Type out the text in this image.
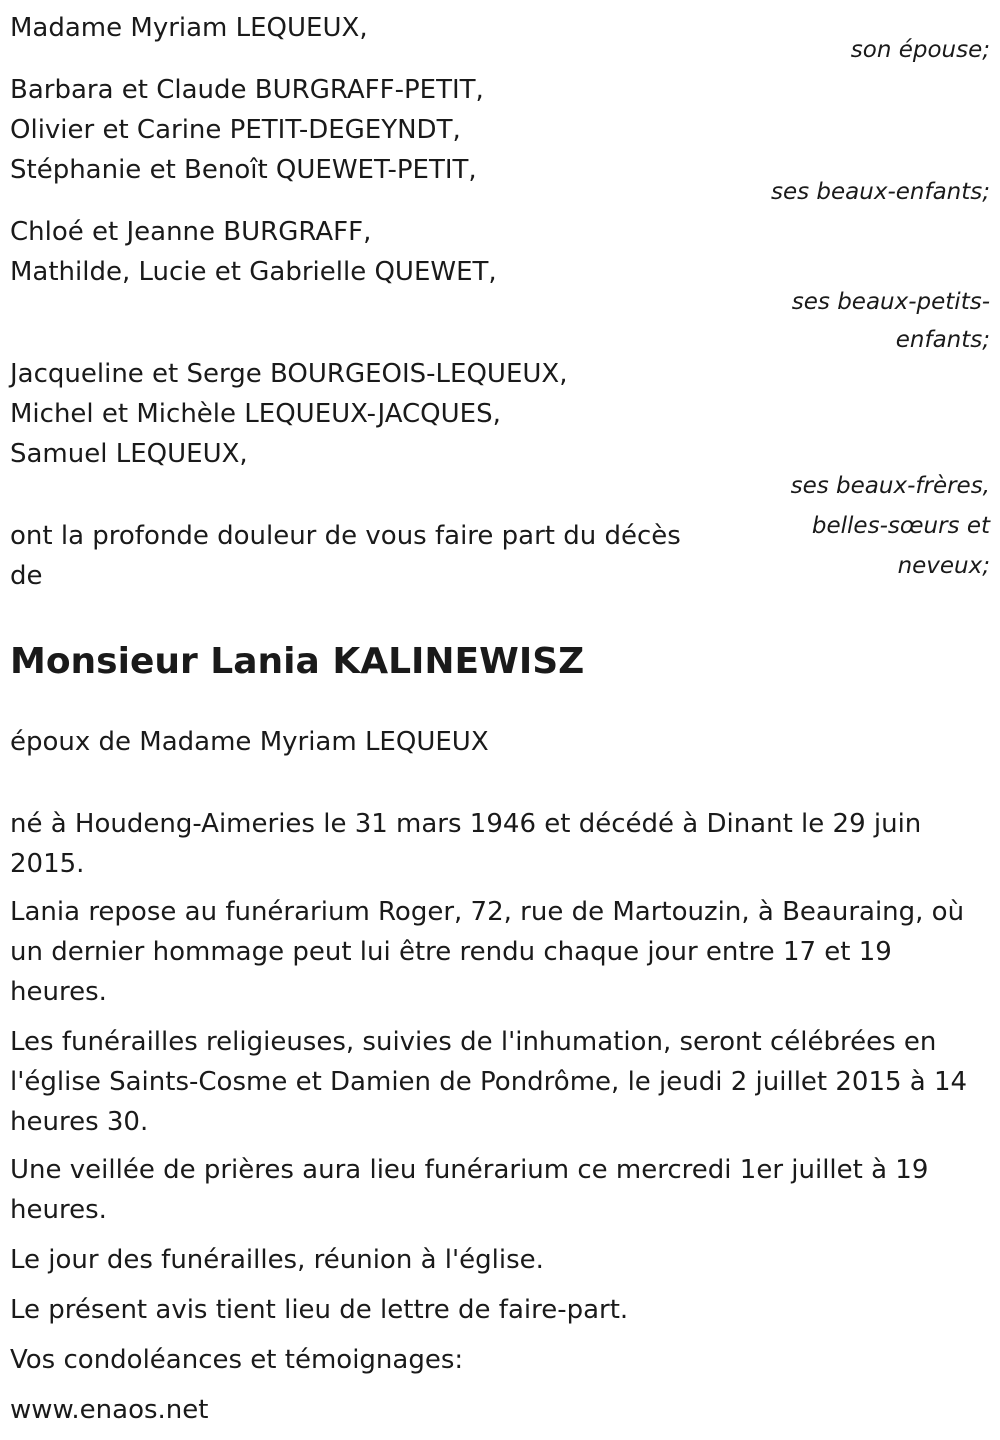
Madame Myriam LEQUEUX,
son épouse;
Barbara et Claude BURGRAFF-PETIT,
Olivier et Carine PETIT-DEGEYNDT,
Stéphanie et Benoît QUEWET-PETIT,
ses beaux-enfants;
Chloé et Jeanne BURGRAFF,
Mathilde, Lucie et Gabrielle QUEWET,
ses beaux-petits-
enfants;
Jacqueline et Serge BOURGEOIS-LEQUEUX,
Michel et Michèle LEQUEUX-JACQUES,
Samuel LEQUEUX,
ses beaux-frères,
belles-sœurs et
neveux;
ont la profonde douleur de vous faire part du décès
de
Monsieur Lania KALINEWISZ
époux de Madame Myriam LEQUEUX
né à Houdeng-Aimeries le 31 mars 1946 et décédé à Dinant le 29 juin 2015.
Lania repose au funérarium Roger, 72, rue de Martouzin, à Beauraing, où un dernier hommage peut lui être rendu chaque jour entre 17 et 19 heures.
Les funérailles religieuses, suivies de l'inhumation, seront célébrées en l'église Saints-Cosme et Damien de Pondrôme, le jeudi 2 juillet 2015 à 14 heures 30.
Une veillée de prières aura lieu funérarium ce mercredi 1er juillet à 19 heures.
Le jour des funérailles, réunion à l'église.
Le présent avis tient lieu de lettre de faire-part.
Vos condoléances et témoignages:
www.enaos.net
